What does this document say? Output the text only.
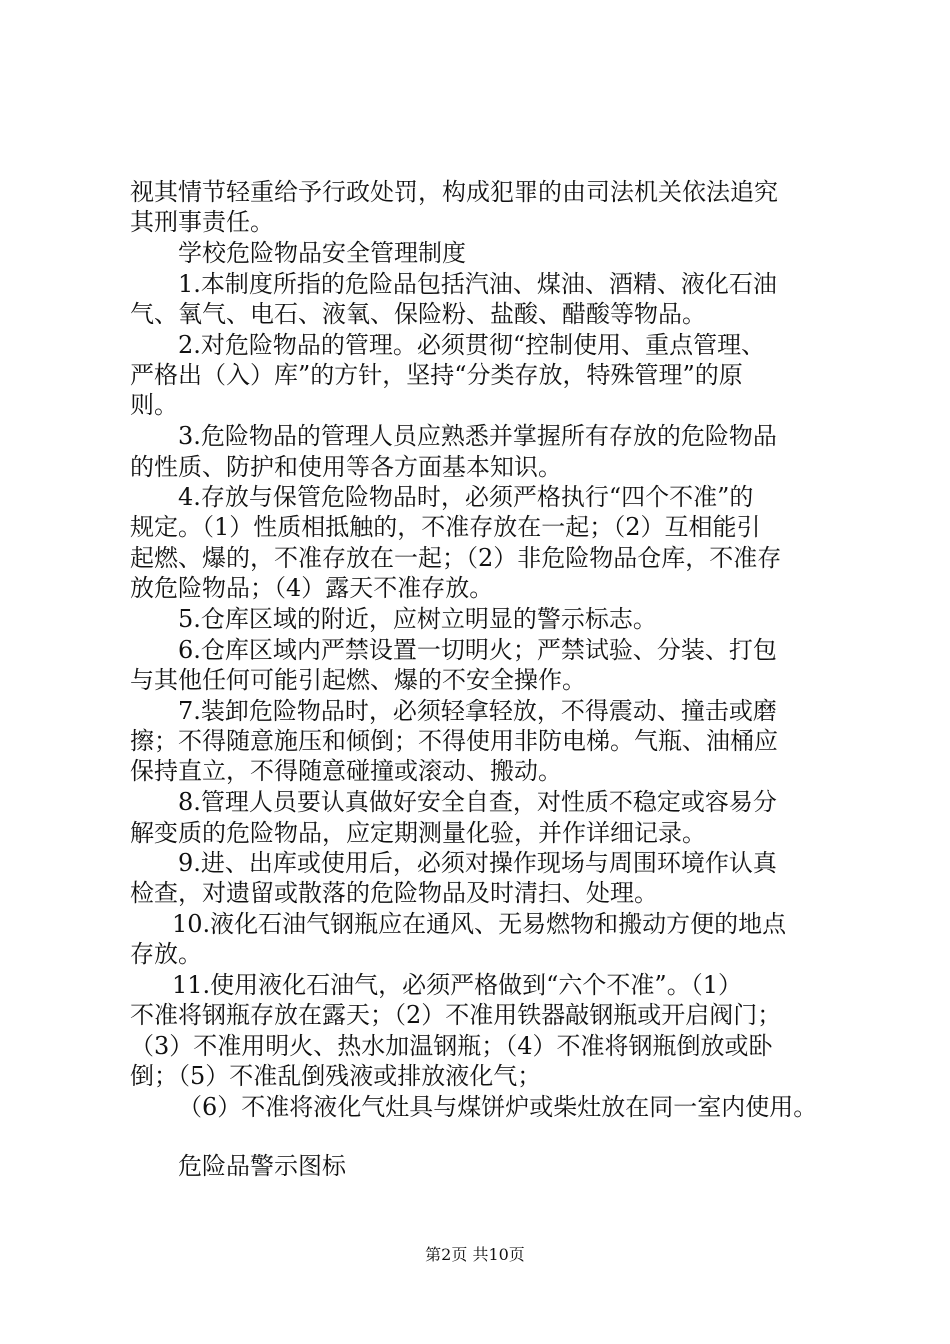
视其情节轻重给予行政处罚，构成犯罪的由司法机关依法追究

其刑事责任。

学校危险物品安全管理制度

1.本制度所指的危险品包括汽油、煤油、酒精、液化石油

气、氧气、电石、液氧、保险粉、盐酸、醋酸等物品。

2.对危险物品的管理。必须贯彻“控制使用、重点管理、

严格出（入）库”的方针，坚持“分类存放，特殊管理”的原

则。

3.危险物品的管理人员应熟悉并掌握所有存放的危险物品

的性质、防护和使用等各方面基本知识。

4.存放与保管危险物品时，必须严格执行“四个不准”的

规定。（1）性质相抵触的，不准存放在一起；（2）互相能引

起燃、爆的，不准存放在一起；（2）非危险物品仓库，不准存

放危险物品；（4）露天不准存放。

5.仓库区域的附近，应树立明显的警示标志。

6.仓库区域内严禁设置一切明火；严禁试验、分装、打包

与其他任何可能引起燃、爆的不安全操作。

7.装卸危险物品时，必须轻拿轻放，不得震动、撞击或磨

擦；不得随意施压和倾倒；不得使用非防电梯。气瓶、油桶应

保持直立，不得随意碰撞或滚动、搬动。

8.管理人员要认真做好安全自查，对性质不稳定或容易分

解变质的危险物品，应定期测量化验，并作详细记录。

9.进、出库或使用后，必须对操作现场与周围环境作认真

检查，对遗留或散落的危险物品及时清扫、处理。

10.液化石油气钢瓶应在通风、无易燃物和搬动方便的地点

存放。

11.使用液化石油气，必须严格做到“六个不准”。（1）

不准将钢瓶存放在露天；（2）不准用铁器敲钢瓶或开启阀门；

（3）不准用明火、热水加温钢瓶；（4）不准将钢瓶倒放或卧

倒；（5）不准乱倒残液或排放液化气；

（6）不准将液化气灶具与煤饼炉或柴灶放在同一室内使用。

危险品警示图标

第2页 共10页
